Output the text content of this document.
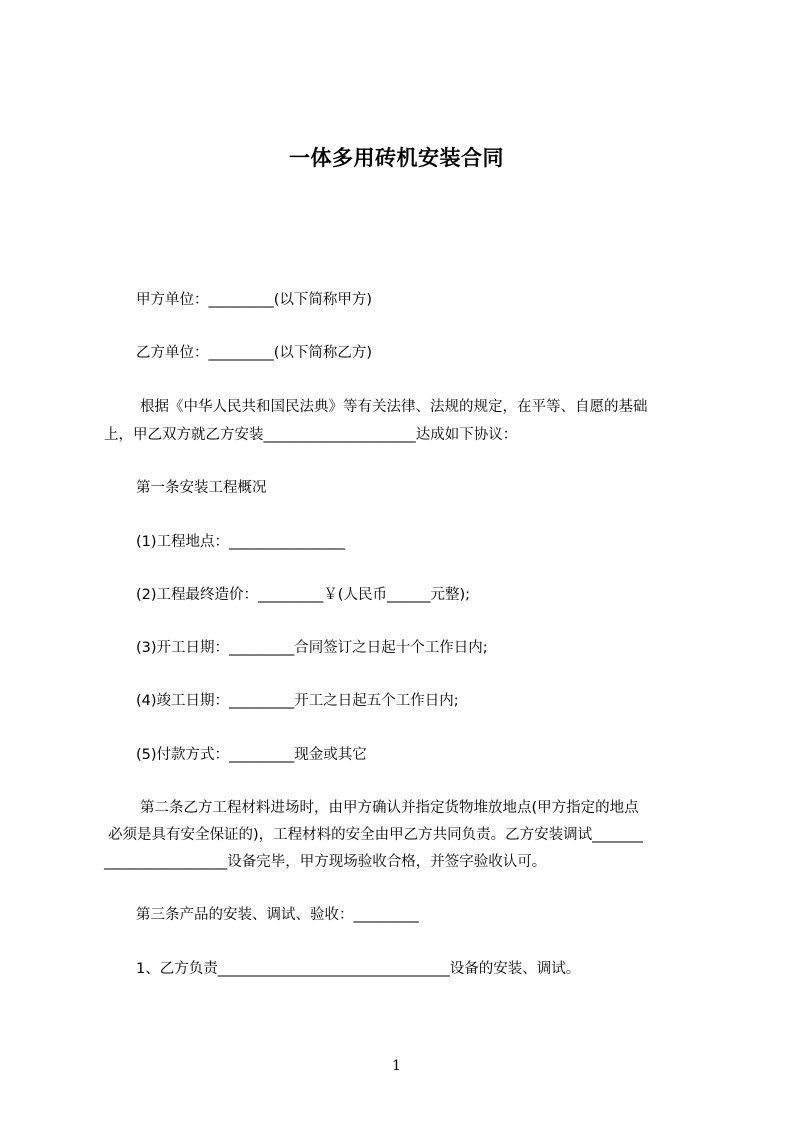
一体多用砖机安装合同
甲方单位：_________(以下简称甲方)
乙方单位：_________(以下简称乙方)
根据《中华人民共和国民法典》等有关法律、法规的规定，在平等、自愿的基础
上，甲乙双方就乙方安装_____________________达成如下协议：
第一条安装工程概况
(1)工程地点：________________
(2)工程最终造价：_________￥(人民币______元整);
(3)开工日期：_________合同签订之日起十个工作日内;
(4)竣工日期：_________开工之日起五个工作日内;
(5)付款方式：_________现金或其它
第二条乙方工程材料进场时，由甲方确认并指定货物堆放地点(甲方指定的地点
必须是具有安全保证的)，工程材料的安全由甲乙方共同负责。乙方安装调试_______
_________________设备完毕，甲方现场验收合格，并签字验收认可。
第三条产品的安装、调试、验收：_________
1、乙方负责________________________________设备的安装、调试。
1
